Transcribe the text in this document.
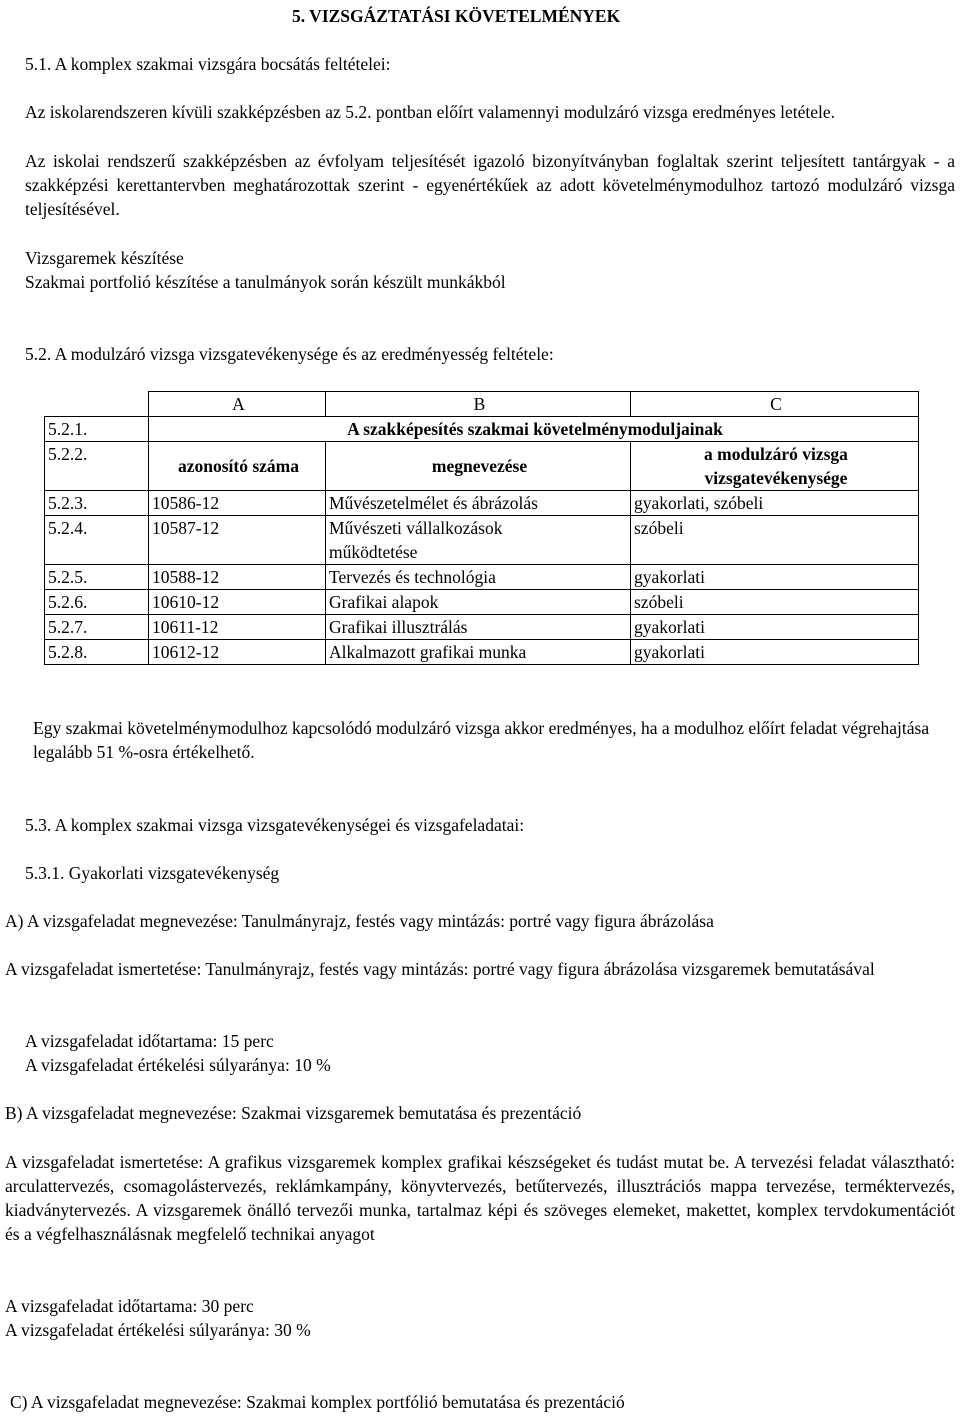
5. VIZSGÁZTATÁSI KÖVETELMÉNYEK
5.1. A komplex szakmai vizsgára bocsátás feltételei:

Az iskolarendszeren kívüli szakképzésben az 5.2. pontban előírt valamennyi modulzáró vizsga eredményes letétele.

Az iskolai rendszerű szakképzésben az évfolyam teljesítését igazoló bizonyítványban foglaltak szerint teljesített tantárgyak - a szakképzési kerettantervben meghatározottak szerint - egyenértékűek az adott követelménymodulhoz tartozó modulzáró vizsga teljesítésével.

Vizsgaremek készítése
Szakmai portfolió készítése a tanulmányok során készült munkákból
5.2. A modulzáró vizsga vizsgatevékenysége és az eredményesség feltétele:
	A	B	C
5.2.1.	A szakképesítés szakmai követelménymoduljainak		
5.2.2.	azonosító száma	megnevezése	a modulzáró vizsga vizsgatevékenysége
5.2.3.	10586-12	Művészetelmélet és ábrázolás	gyakorlati, szóbeli
5.2.4.	10587-12	Művészeti vállalkozások működtetése	szóbeli
5.2.5.	10588-12	Tervezés és technológia	gyakorlati
5.2.6.	10610-12	Grafikai alapok	szóbeli
5.2.7.	10611-12	Grafikai illusztrálás	gyakorlati
5.2.8.	10612-12	Alkalmazott grafikai munka	gyakorlati

Egy szakmai követelménymodulhoz kapcsolódó modulzáró vizsga akkor eredményes, ha a modulhoz előírt feladat végrehajtása legalább 51 %-osra értékelhető.

5.3. A komplex szakmai vizsga vizsgatevékenységei és vizsgafeladatai:
5.3.1. Gyakorlati vizsgatevékenység
A) A vizsgafeladat megnevezése: Tanulmányrajz, festés vagy mintázás: portré vagy figura ábrázolása

A vizsgafeladat ismertetése: Tanulmányrajz, festés vagy mintázás: portré vagy figura ábrázolása vizsgaremek bemutatásával

A vizsgafeladat időtartama: 15 perc
A vizsgafeladat értékelési súlyaránya: 10 %
B) A vizsgafeladat megnevezése: Szakmai vizsgaremek bemutatása és prezentáció

A vizsgafeladat ismertetése: A grafikus vizsgaremek komplex grafikai készségeket és tudást mutat be. A tervezési feladat választható: arculattervezés, csomagolástervezés, reklámkampány, könyvtervezés, betűtervezés, illusztrációs mappa tervezése, terméktervezés, kiadványtervezés. A vizsgaremek önálló tervezői munka, tartalmaz képi és szöveges elemeket, makettet, komplex tervdokumentációt és a végfelhasználásnak megfelelő technikai anyagot

A vizsgafeladat időtartama: 30 perc
A vizsgafeladat értékelési súlyaránya: 30 %
C) A vizsgafeladat megnevezése: Szakmai komplex portfólió bemutatása és prezentáció
